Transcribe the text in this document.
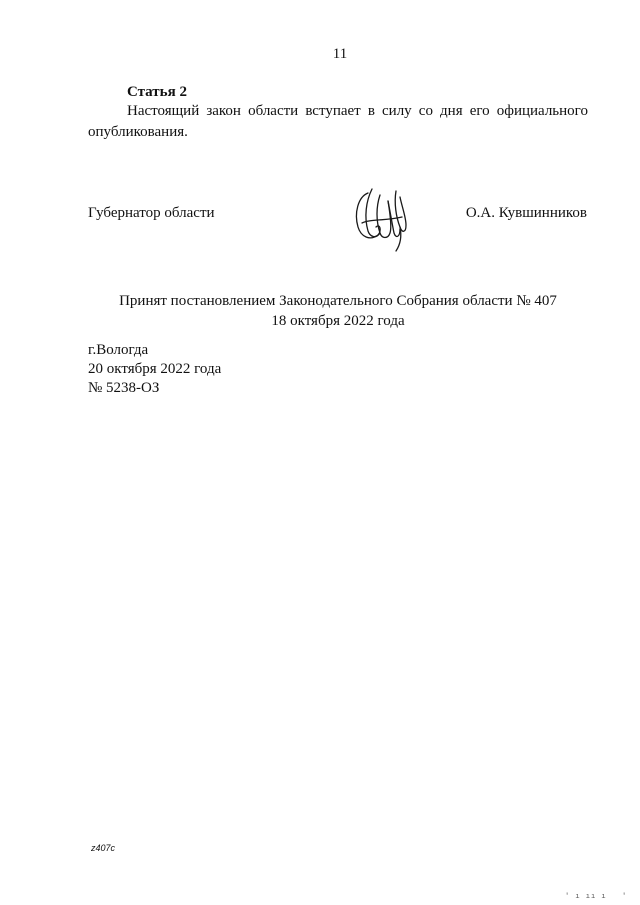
11
Статья 2
Настоящий закон области вступает в силу со дня его официального
опубликования.
Губернатор области	О.А. Кувшинников
Принят постановлением Законодательного Собрания области № 407
18 октября 2022 года
г.Вологда
20 октября 2022 года
№ 5238-ОЗ
z407c
' ı ıı ı '
